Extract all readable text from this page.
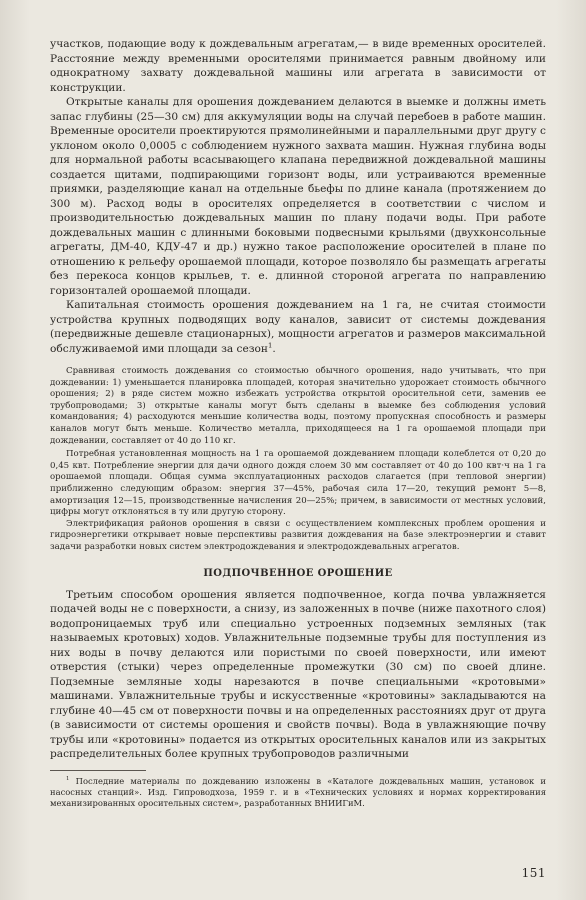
участков, подающие воду к дождевальным агрегатам,— в виде временных оросителей. Расстояние между временными оросителями принимается равным двойному или однократному захвату дождевальной машины или агрегата в зависимости от конструкции.

Открытые каналы для орошения дождеванием делаются в выемке и должны иметь запас глубины (25—30 см) для аккумуляции воды на случай перебоев в работе машин. Временные оросители проектируются прямолинейными и параллельными друг другу с уклоном около 0,0005 с соблюдением нужного захвата машин. Нужная глубина воды для нормальной работы всасывающего клапана передвижной дождевальной машины создается щитами, подпирающими горизонт воды, или устраиваются временные приямки, разделяющие канал на отдельные бьефы по длине канала (протяжением до 300 м). Расход воды в оросителях определяется в соответствии с числом и производительностью дождевальных машин по плану подачи воды. При работе дождевальных машин с длинными боковыми подвесными крыльями (двухконсольные агрегаты, ДМ-40, КДУ-47 и др.) нужно такое расположение оросителей в плане по отношению к рельефу орошаемой площади, которое позволяло бы размещать агрегаты без перекоса концов крыльев, т. е. длинной стороной агрегата по направлению горизонталей орошаемой площади.

Капитальная стоимость орошения дождеванием на 1 га, не считая стоимости устройства крупных подводящих воду каналов, зависит от системы дождевания (передвижные дешевле стационарных), мощности агрегатов и размеров максимальной обслуживаемой ими площади за сезон$^1$.

Сравнивая стоимость дождевания со стоимостью обычного орошения, надо учитывать, что при дождевании: 1) уменьшается планировка площадей, которая значительно удорожает стоимость обычного орошения; 2) в ряде систем можно избежать устройства открытой оросительной сети, заменив ее трубопроводами; 3) открытые каналы могут быть сделаны в выемке без соблюдения условий командования; 4) расходуются меньшие количества воды, поэтому пропускная способность и размеры каналов могут быть меньше. Количество металла, приходящееся на 1 га орошаемой площади при дождевании, составляет от 40 до 110 кг.

Потребная установленная мощность на 1 га орошаемой дождеванием площади колеблется от 0,20 до 0,45 квт. Потребление энергии для дачи одного дождя слоем 30 мм составляет от 40 до 100 квт·ч на 1 га орошаемой площади. Общая сумма эксплуатационных расходов слагается (при тепловой энергии) приближенно следующим образом: энергия 37—45%, рабочая сила 17—20, текущий ремонт 5—8, амортизация 12—15, производственные начисления 20—25%; причем, в зависимости от местных условий, цифры могут отклоняться в ту или другую сторону.

Электрификация районов орошения в связи с осуществлением комплексных проблем орошения и гидроэнергетики открывает новые перспективы развития дождевания на базе электроэнергии и ставит задачи разработки новых систем электродождевания и электродождевальных агрегатов.

ПОДПОЧВЕННОЕ ОРОШЕНИЕ

Третьим способом орошения является подпочвенное, когда почва увлажняется подачей воды не с поверхности, а снизу, из заложенных в почве (ниже пахотного слоя) водопроницаемых труб или специально устроенных подземных земляных (так называемых кротовых) ходов. Увлажнительные подземные трубы для поступления из них воды в почву делаются или пористыми по своей поверхности, или имеют отверстия (стыки) через определенные промежутки (30 см) по своей длине. Подземные земляные ходы нарезаются в почве специальными «кротовыми» машинами. Увлажнительные трубы и искусственные «кротовины» закладываются на глубине 40—45 см от поверхности почвы и на определенных расстояниях друг от друга (в зависимости от системы орошения и свойств почвы). Вода в увлажняющие почву трубы или «кротовины» подается из открытых оросительных каналов или из закрытых распределительных более крупных трубопроводов различными

$^1$ Последние материалы по дождеванию изложены в «Каталоге дождевальных машин, установок и насосных станций». Изд. Гипроводхоза, 1959 г. и в «Технических условиях и нормах корректирования механизированных оросительных систем», разработанных ВНИИГиМ.

151
